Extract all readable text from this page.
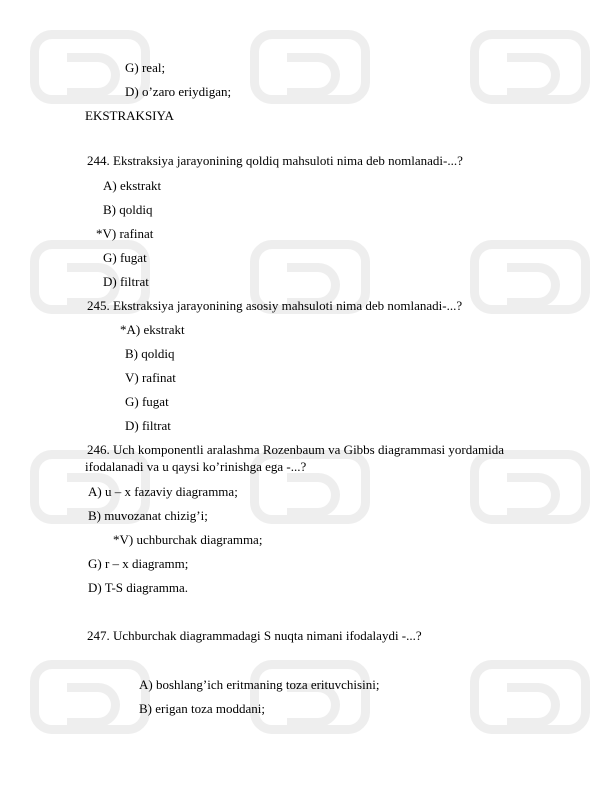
G) real;
D) o’zaro eriydigan;
EKSTRAKSIYA
244. Ekstraksiya jarayonining qoldiq mahsuloti nima deb nomlanadi-...?
A) ekstrakt
B) qoldiq
*V) rafinat
G) fugat
D) filtrat
245. Ekstraksiya jarayonining asosiy mahsuloti nima deb nomlanadi-...?
*A) ekstrakt
B) qoldiq
V) rafinat
G) fugat
D) filtrat
246. Uch komponentli aralashma Rozenbaum va Gibbs diagrammasi yordamida
ifodalanadi va u qaysi ko’rinishga ega -...?
A) u – x fazaviy diagramma;
B) muvozanat chizig’i;
*V) uchburchak diagramma;
G) r – x diagramm;
D) T-S diagramma.
247. Uchburchak diagrammadagi S nuqta nimani ifodalaydi -...?
A) boshlang’ich eritmaning toza erituvchisini;
B) erigan toza moddani;
